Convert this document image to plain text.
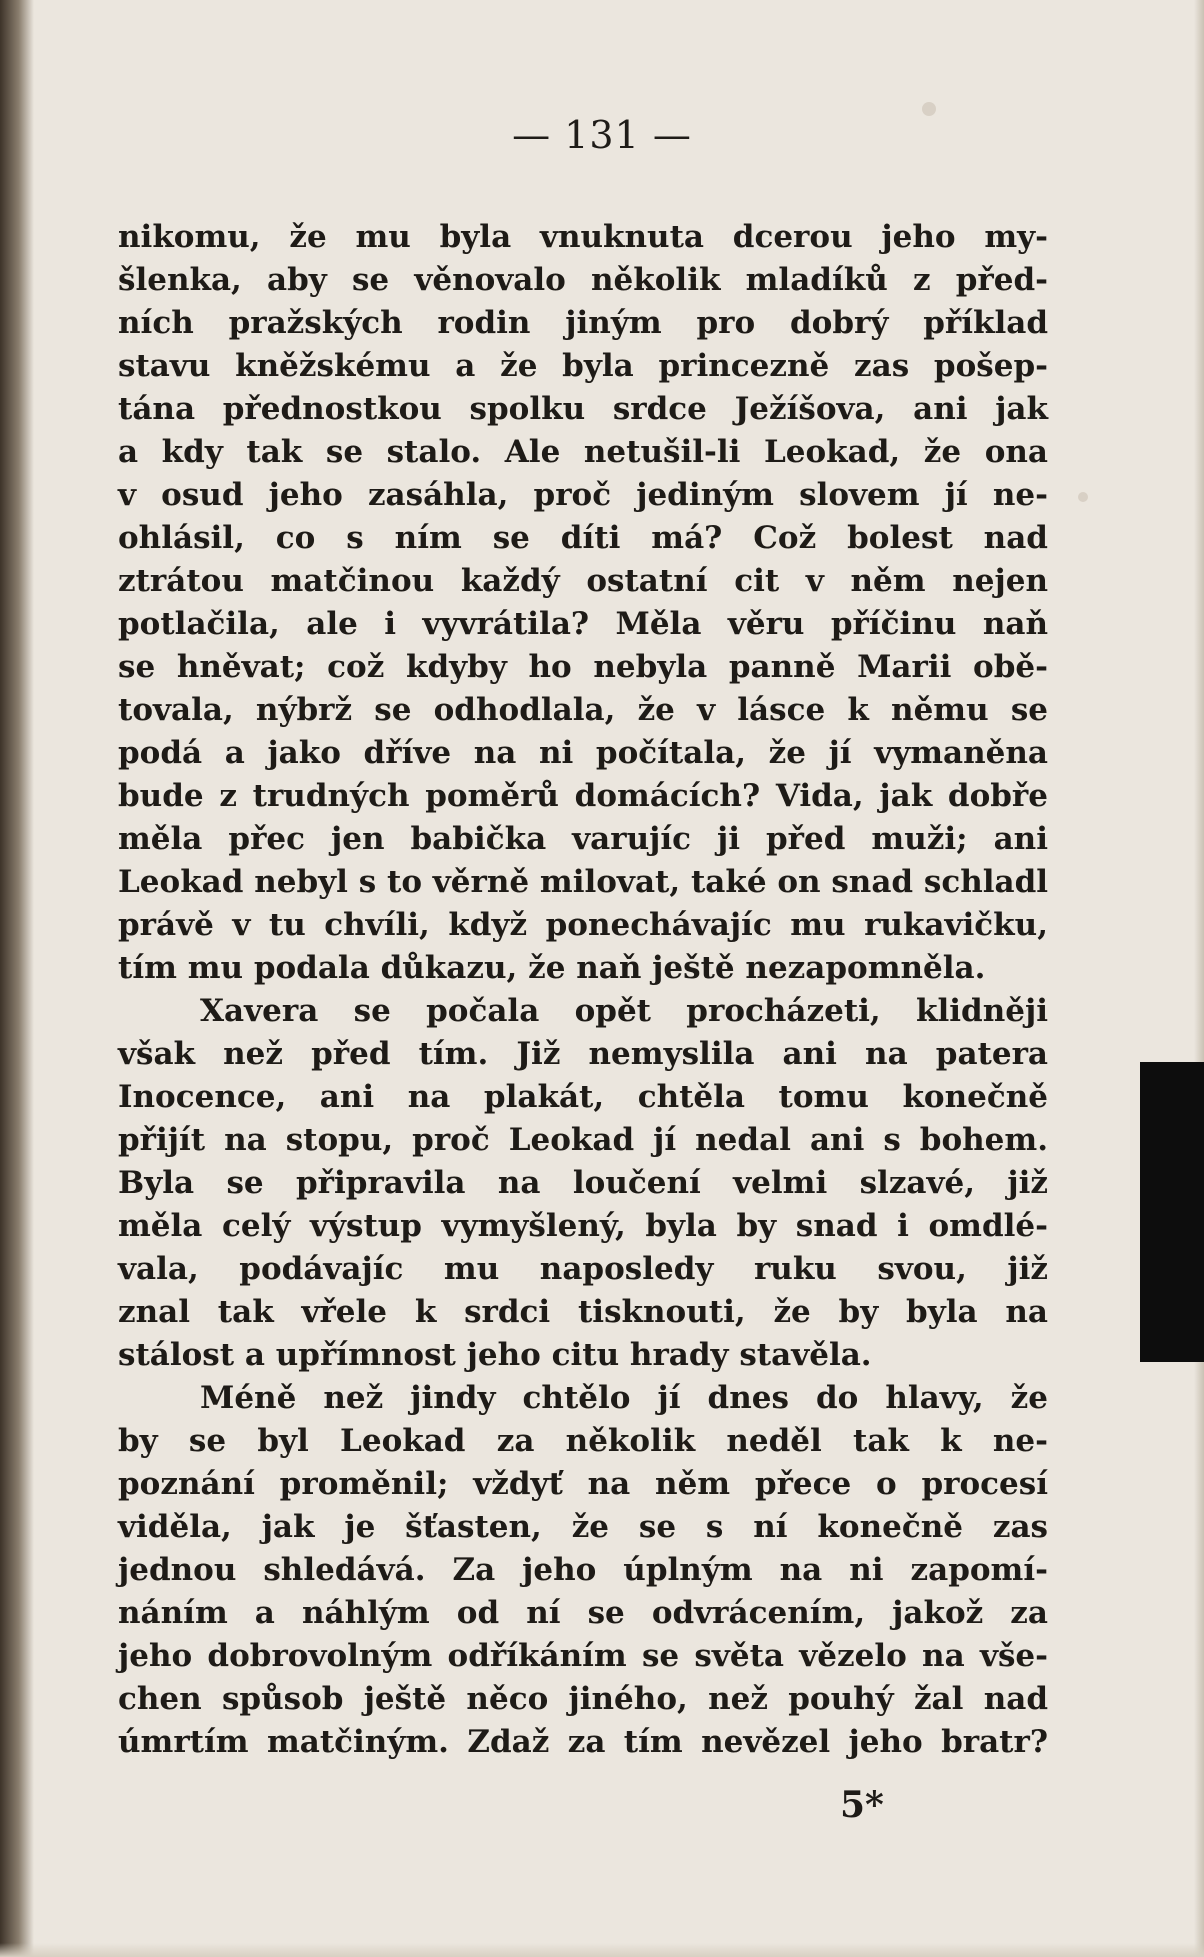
— 131 —
nikomu, že mu byla vnuknuta dcerou jeho my-
šlenka, aby se věnovalo několik mladíků z před-
ních pražských rodin jiným pro dobrý příklad
stavu kněžskému a že byla princezně zas pošep-
tána přednostkou spolku srdce Ježíšova, ani jak
a kdy tak se stalo. Ale netušil-li Leokad, že ona
v osud jeho zasáhla, proč jediným slovem jí ne-
ohlásil, co s ním se díti má? Což bolest nad
ztrátou matčinou každý ostatní cit v něm nejen
potlačila, ale i vyvrátila? Měla věru příčinu naň
se hněvat; což kdyby ho nebyla panně Marii obě-
tovala, nýbrž se odhodlala, že v lásce k němu se
podá a jako dříve na ni počítala, že jí vymaněna
bude z trudných poměrů domácích? Vida, jak dobře
měla přec jen babička varujíc ji před muži; ani
Leokad nebyl s to věrně milovat, také on snad schladl
právě v tu chvíli, když ponechávajíc mu rukavičku,
tím mu podala důkazu, že naň ještě nezapomněla.
Xavera se počala opět procházeti, klidněji
však než před tím. Již nemyslila ani na patera
Inocence, ani na plakát, chtěla tomu konečně
přijít na stopu, proč Leokad jí nedal ani s bohem.
Byla se připravila na loučení velmi slzavé, již
měla celý výstup vymyšlený, byla by snad i omdlé-
vala, podávajíc mu naposledy ruku svou, již
znal tak vřele k srdci tisknouti, že by byla na
stálost a upřímnost jeho citu hrady stavěla.
Méně než jindy chtělo jí dnes do hlavy, že
by se byl Leokad za několik neděl tak k ne-
poznání proměnil; vždyť na něm přece o procesí
viděla, jak je šťasten, že se s ní konečně zas
jednou shledává. Za jeho úplným na ni zapomí-
náním a náhlým od ní se odvrácením, jakož za
jeho dobrovolným odříkáním se světa vězelo na vše-
chen spůsob ještě něco jiného, než pouhý žal nad
úmrtím matčiným. Zdaž za tím nevězel jeho bratr?
5*
